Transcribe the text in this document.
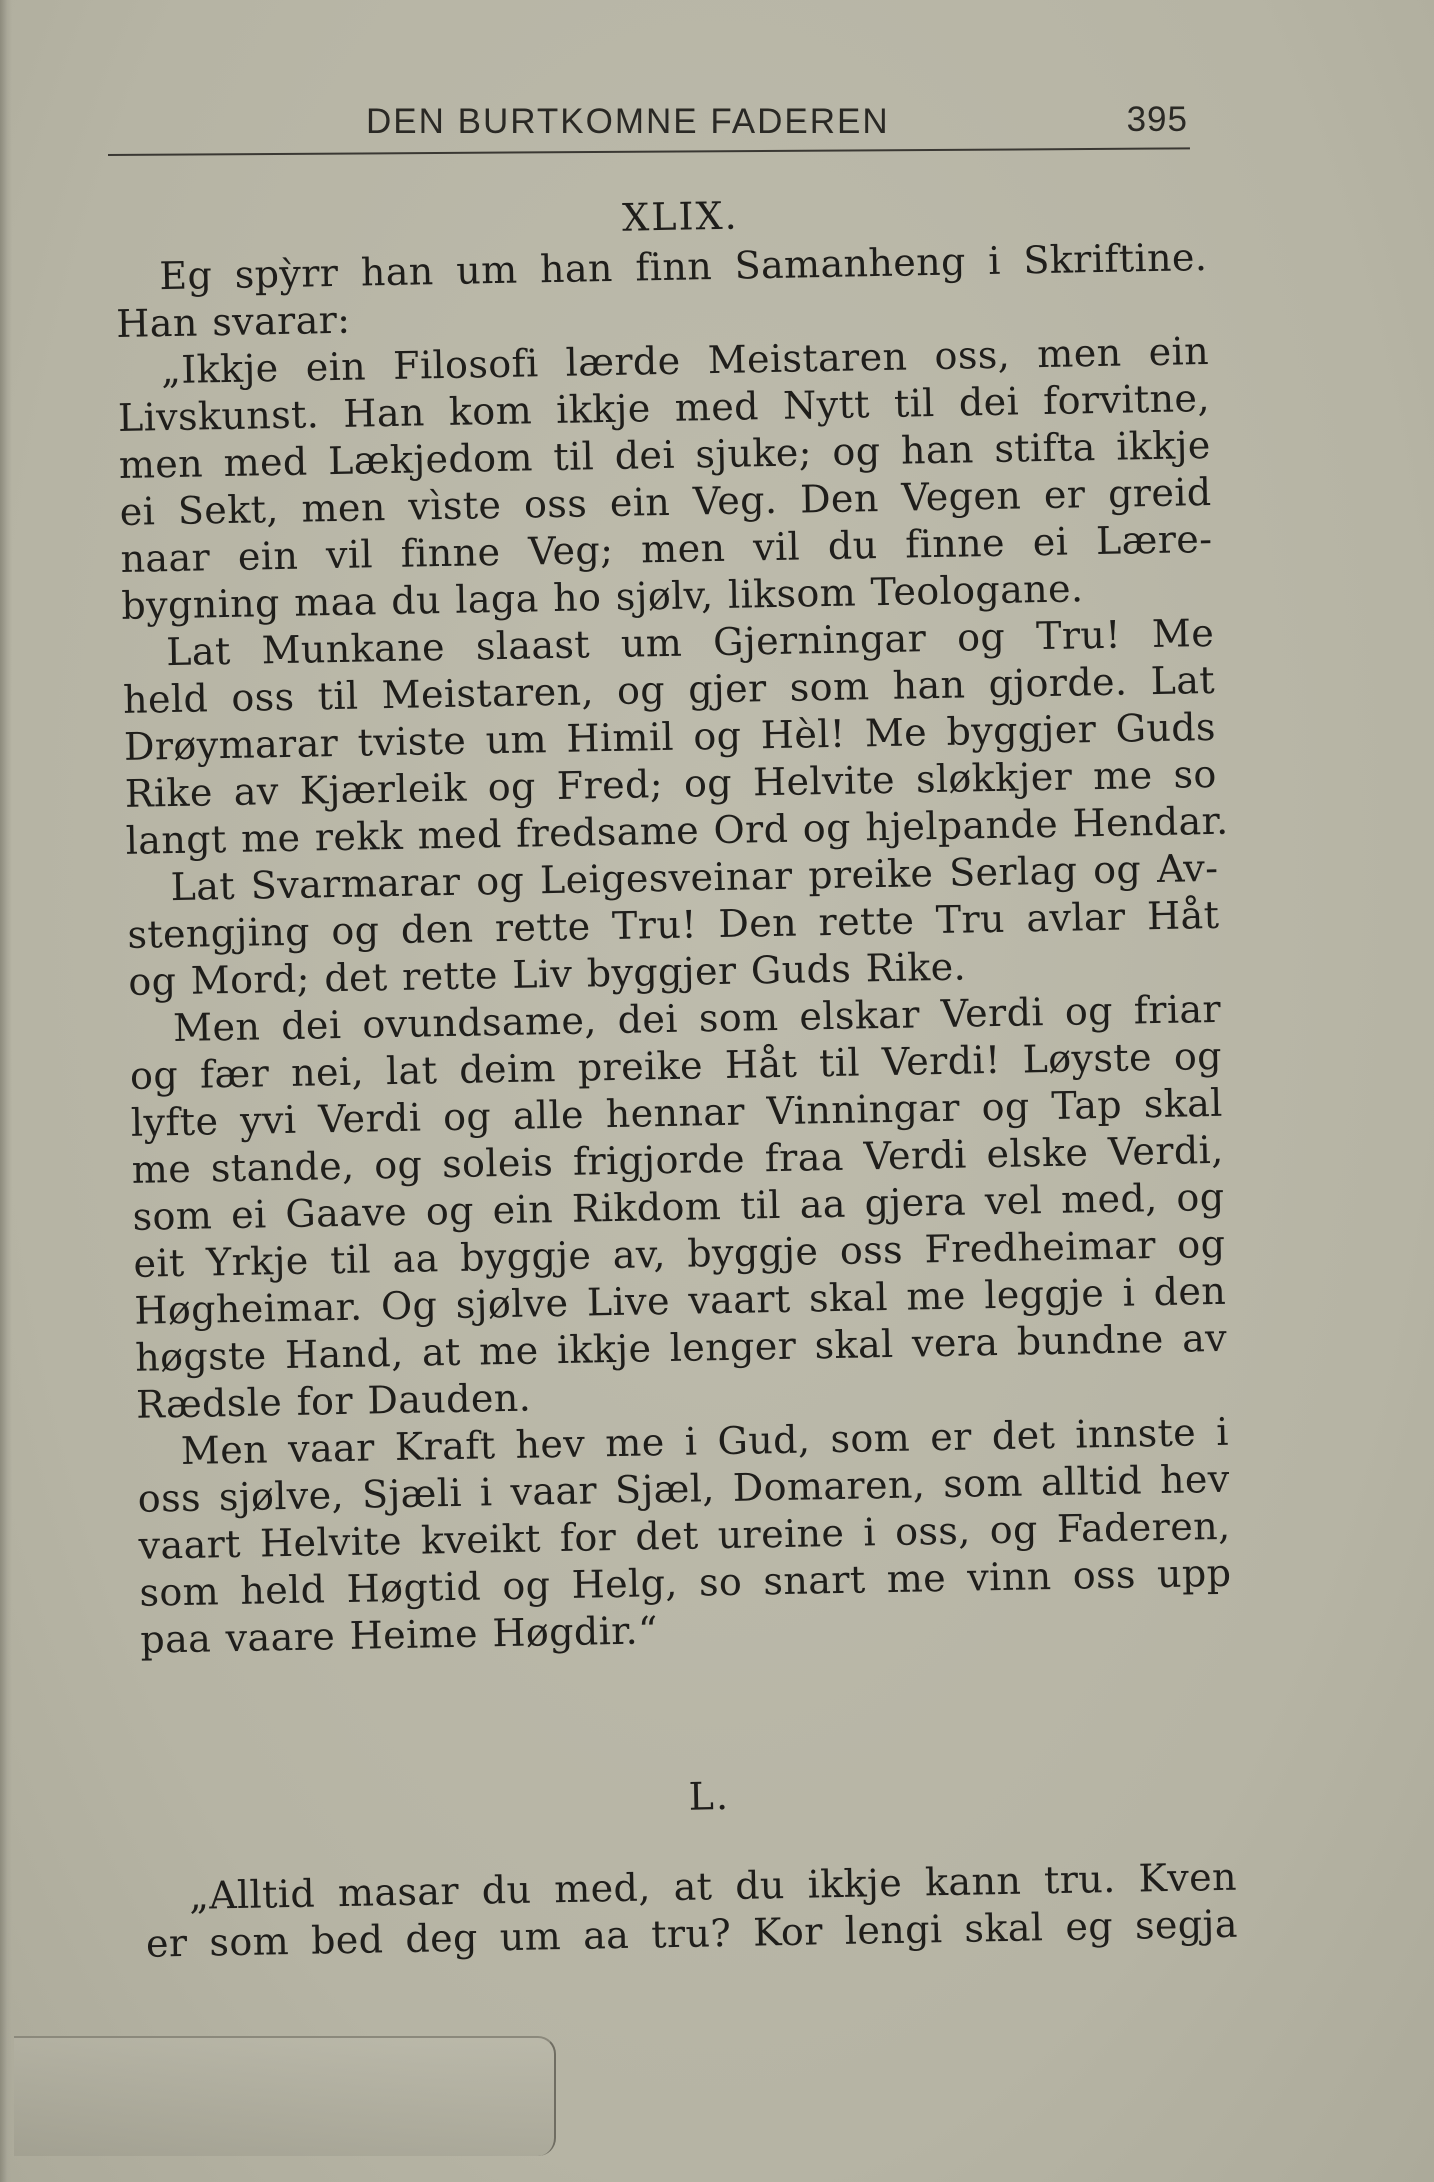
DEN BURTKOMNE FADEREN	395
XLIX.
Eg spỳrr han um han finn Samanheng i Skriftine.
Han svarar:
„Ikkje ein Filosofi lærde Meistaren oss, men ein
Livskunst. Han kom ikkje med Nytt til dei forvitne,
men med Lækjedom til dei sjuke; og han stifta ikkje
ei Sekt, men vìste oss ein Veg. Den Vegen er greid
naar ein vil finne Veg; men vil du finne ei Lære-
bygning maa du laga ho sjølv, liksom Teologane.
Lat Munkane slaast um Gjerningar og Tru! Me
held oss til Meistaren, og gjer som han gjorde. Lat
Drøymarar tviste um Himil og Hèl! Me byggjer Guds
Rike av Kjærleik og Fred; og Helvite sløkkjer me so
langt me rekk med fredsame Ord og hjelpande Hendar.
Lat Svarmarar og Leigesveinar preike Serlag og Av-
stengjing og den rette Tru! Den rette Tru avlar Håt
og Mord; det rette Liv byggjer Guds Rike.
Men dei ovundsame, dei som elskar Verdi og friar
og fær nei, lat deim preike Håt til Verdi! Løyste og
lyfte yvi Verdi og alle hennar Vinningar og Tap skal
me stande, og soleis frigjorde fraa Verdi elske Verdi,
som ei Gaave og ein Rikdom til aa gjera vel med, og
eit Yrkje til aa byggje av, byggje oss Fredheimar og
Høgheimar. Og sjølve Live vaart skal me leggje i den
høgste Hand, at me ikkje lenger skal vera bundne av
Rædsle for Dauden.
Men vaar Kraft hev me i Gud, som er det innste i
oss sjølve, Sjæli i vaar Sjæl, Domaren, som alltid hev
vaart Helvite kveikt for det ureine i oss, og Faderen,
som held Høgtid og Helg, so snart me vinn oss upp
paa vaare Heime Høgdir.“
L.
„Alltid masar du med, at du ikkje kann tru. Kven
er som bed deg um aa tru? Kor lengi skal eg segja
